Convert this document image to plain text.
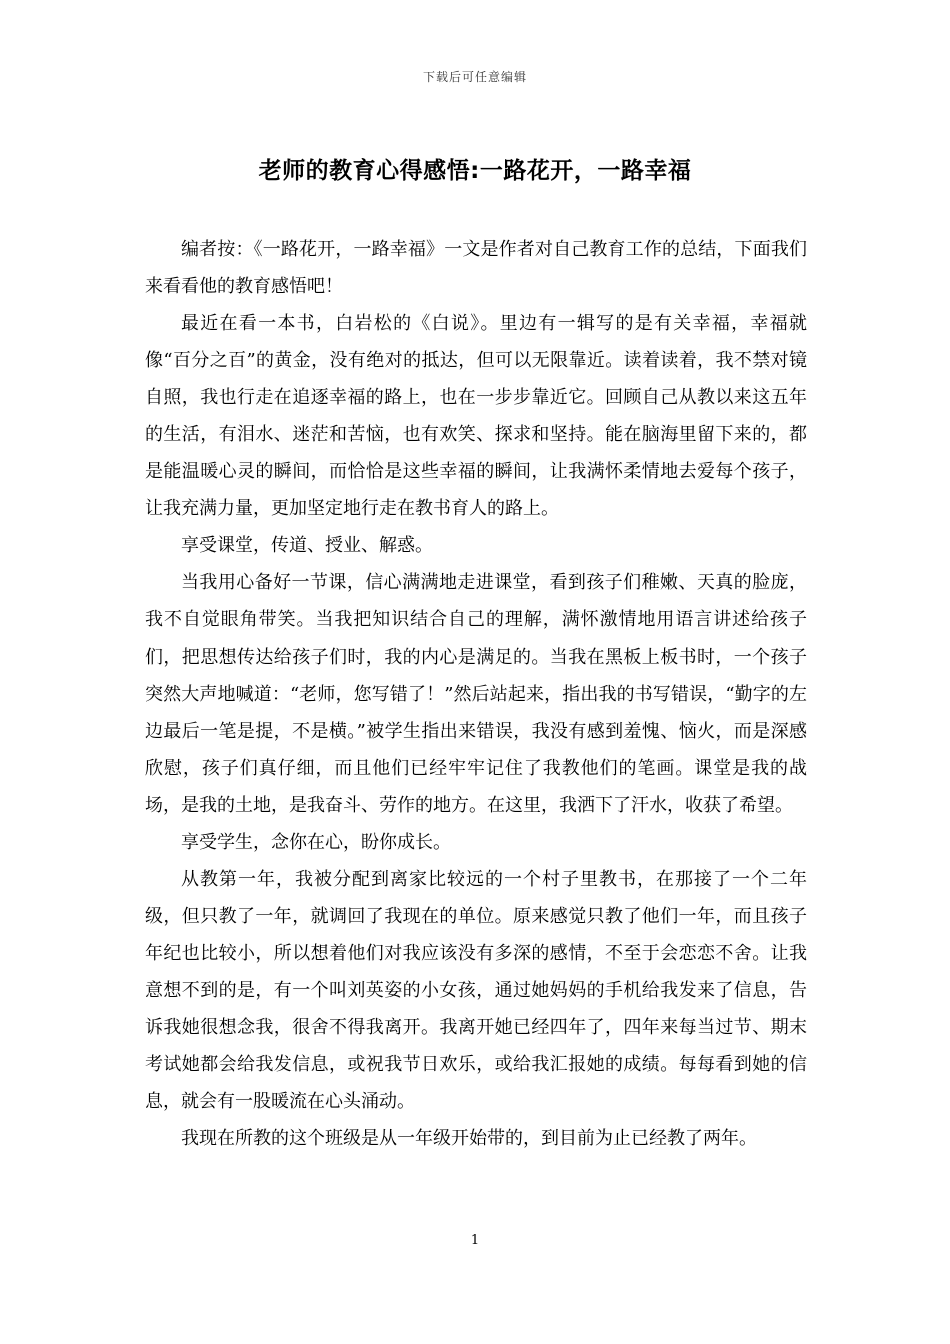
下载后可任意编辑
老师的教育心得感悟:一路花开，一路幸福

编者按：《一路花开，一路幸福》一文是作者对自己教育工作的总结，下面我们来看看他的教育感悟吧！

最近在看一本书，白岩松的《白说》。里边有一辑写的是有关幸福，幸福就像“百分之百”的黄金，没有绝对的抵达，但可以无限靠近。读着读着，我不禁对镜自照，我也行走在追逐幸福的路上，也在一步步靠近它。回顾自己从教以来这五年的生活，有泪水、迷茫和苦恼，也有欢笑、探求和坚持。能在脑海里留下来的，都是能温暖心灵的瞬间，而恰恰是这些幸福的瞬间，让我满怀柔情地去爱每个孩子，让我充满力量，更加坚定地行走在教书育人的路上。

享受课堂，传道、授业、解惑。

当我用心备好一节课，信心满满地走进课堂，看到孩子们稚嫩、天真的脸庞，我不自觉眼角带笑。当我把知识结合自己的理解，满怀激情地用语言讲述给孩子们，把思想传达给孩子们时，我的内心是满足的。当我在黑板上板书时，一个孩子突然大声地喊道：“老师，您写错了！”然后站起来，指出我的书写错误，“勤字的左边最后一笔是提，不是横。”被学生指出来错误，我没有感到羞愧、恼火，而是深感欣慰，孩子们真仔细，而且他们已经牢牢记住了我教他们的笔画。课堂是我的战场，是我的土地，是我奋斗、劳作的地方。在这里，我洒下了汗水，收获了希望。

享受学生，念你在心，盼你成长。

从教第一年，我被分配到离家比较远的一个村子里教书，在那接了一个二年级，但只教了一年，就调回了我现在的单位。原来感觉只教了他们一年，而且孩子年纪也比较小，所以想着他们对我应该没有多深的感情，不至于会恋恋不舍。让我意想不到的是，有一个叫刘英姿的小女孩，通过她妈妈的手机给我发来了信息，告诉我她很想念我，很舍不得我离开。我离开她已经四年了，四年来每当过节、期末考试她都会给我发信息，或祝我节日欢乐，或给我汇报她的成绩。每每看到她的信息，就会有一股暖流在心头涌动。

我现在所教的这个班级是从一年级开始带的，到目前为止已经教了两年。

1
